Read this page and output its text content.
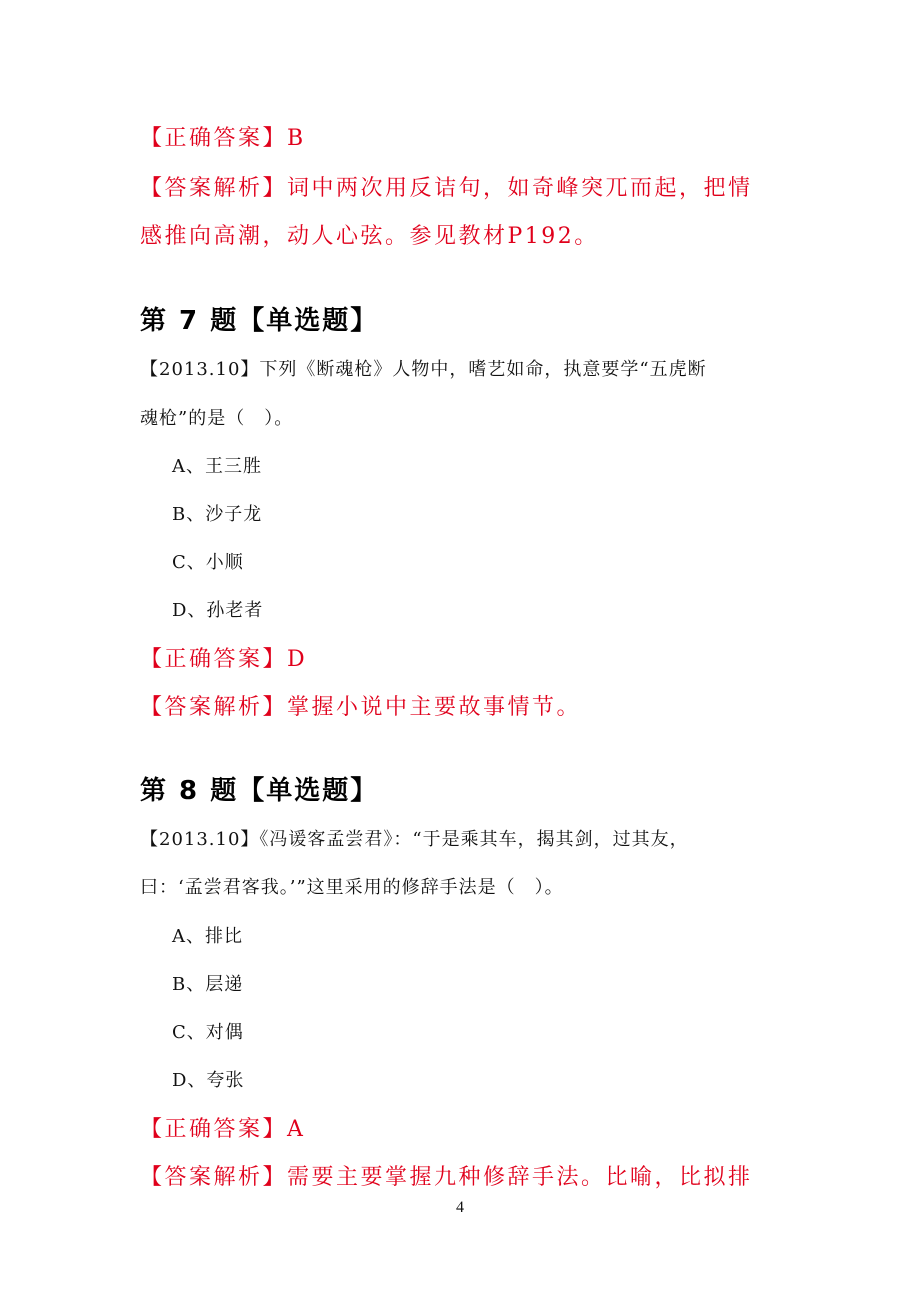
【正确答案】B
【答案解析】词中两次用反诘句，如奇峰突兀而起，把情
感推向高潮，动人心弦。参见教材P192。
第 7 题【单选题】
【2013.10】下列《断魂枪》人物中，嗜艺如命，执意要学“五虎断
魂枪”的是（　）。
A、王三胜
B、沙子龙
C、小顺
D、孙老者
【正确答案】D
【答案解析】掌握小说中主要故事情节。
第 8 题【单选题】
【2013.10】《冯谖客孟尝君》：“于是乘其车，揭其剑，过其友，
曰：‘孟尝君客我。’”这里采用的修辞手法是（　）。
A、排比
B、层递
C、对偶
D、夸张
【正确答案】A
【答案解析】需要主要掌握九种修辞手法。比喻，比拟排
4
